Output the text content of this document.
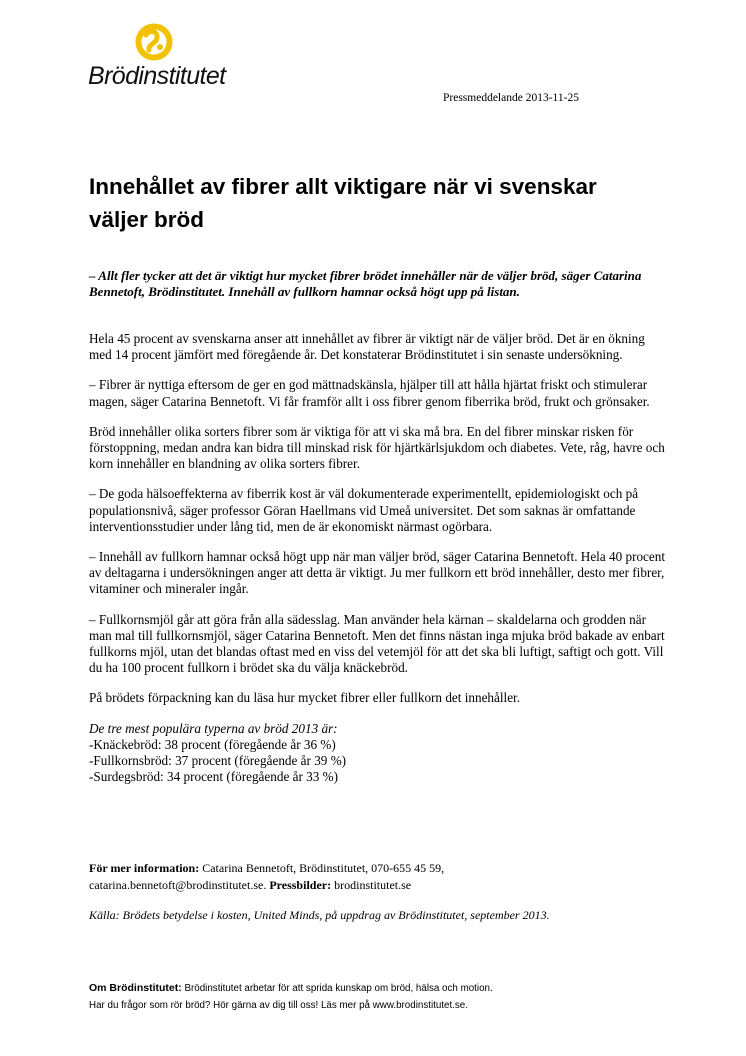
Brödinstitutet
Pressmeddelande 2013-11-25
Innehållet av fibrer allt viktigare när vi svenskar väljer bröd

– Allt fler tycker att det är viktigt hur mycket fibrer brödet innehåller när de väljer bröd, säger Catarina Bennetoft, Brödinstitutet. Innehåll av fullkorn hamnar också högt upp på listan.

Hela 45 procent av svenskarna anser att innehållet av fibrer är viktigt när de väljer bröd. Det är en ökning med 14 procent jämfört med föregående år. Det konstaterar Brödinstitutet i sin senaste undersökning.

– Fibrer är nyttiga eftersom de ger en god mättnadskänsla, hjälper till att hålla hjärtat friskt och stimulerar magen, säger Catarina Bennetoft. Vi får framför allt i oss fibrer genom fiberrika bröd, frukt och grönsaker.

Bröd innehåller olika sorters fibrer som är viktiga för att vi ska må bra. En del fibrer minskar risken för förstoppning, medan andra kan bidra till minskad risk för hjärtkärlsjukdom och diabetes. Vete, råg, havre och korn innehåller en blandning av olika sorters fibrer.

– De goda hälsoeffekterna av fiberrik kost är väl dokumenterade experimentellt, epidemiologiskt och på populationsnivå, säger professor Göran Haellmans vid Umeå universitet. Det som saknas är omfattande interventionsstudier under lång tid, men de är ekonomiskt närmast ogörbara.

– Innehåll av fullkorn hamnar också högt upp när man väljer bröd, säger Catarina Bennetoft. Hela 40 procent av deltagarna i undersökningen anger att detta är viktigt. Ju mer fullkorn ett bröd innehåller, desto mer fibrer, vitaminer och mineraler ingår.

– Fullkornsmjöl går att göra från alla sädesslag. Man använder hela kärnan – skaldelarna och grodden när man mal till fullkornsmjöl, säger Catarina Bennetoft. Men det finns nästan inga mjuka bröd bakade av enbart fullkorns mjöl, utan det blandas oftast med en viss del vetemjöl för att det ska bli luftigt, saftigt och gott. Vill du ha 100 procent fullkorn i brödet ska du välja knäckebröd.

På brödets förpackning kan du läsa hur mycket fibrer eller fullkorn det innehåller.

De tre mest populära typerna av bröd 2013 är:
-Knäckebröd: 38 procent (föregående år 36 %)
-Fullkornsbröd: 37 procent (föregående år 39 %)
-Surdegsbröd: 34 procent (föregående år 33 %)

För mer information: Catarina Bennetoft, Brödinstitutet, 070-655 45 59,
catarina.bennetoft@brodinstitutet.se. Pressbilder: brodinstitutet.se

Källa: Brödets betydelse i kosten, United Minds, på uppdrag av Brödinstitutet, september 2013.

Om Brödinstitutet: Brödinstitutet arbetar för att sprida kunskap om bröd, hälsa och motion.
Har du frågor som rör bröd? Hör gärna av dig till oss! Läs mer på www.brodinstitutet.se.
